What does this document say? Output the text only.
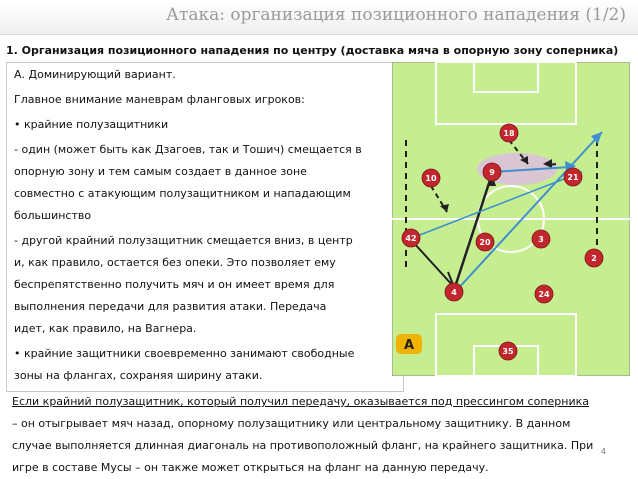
Атака: организация позиционного нападения (1/2)
1. Организация позиционного нападения по центру (доставка мяча в опорную зону соперника)
А. Доминирующий вариант.
Главное внимание маневрам фланговых игроков:
• крайние полузащитники
- один (может быть как Дзагоев, так и Тошич) смещается в
опорную зону и тем самым создает в данное зоне
совместно с атакующим полузащитником и нападающим
большинство
- другой крайний полузащитник смещается вниз, в центр
и, как правило, остается без опеки. Это позволяет ему
беспрепятственно получить мяч и он имеет время для
выполнения передачи для развития атаки. Передача
идет, как правило, на Вагнера.
• крайние защитники своевременно занимают свободные
зоны на флангах, сохраняя ширину атаки.
18
9
10	21
42	20	3
2
4	24
35
A
Если крайний полузащитник, который получил передачу, оказывается под прессингом соперника
– он отыгрывает мяч назад, опорному полузащитнику или центральному защитнику. В данном
случае выполняется длинная диагональ на противоположный фланг, на крайнего защитника. При
игре в составе Мусы – он также может открыться на фланг на данную передачу.
4
